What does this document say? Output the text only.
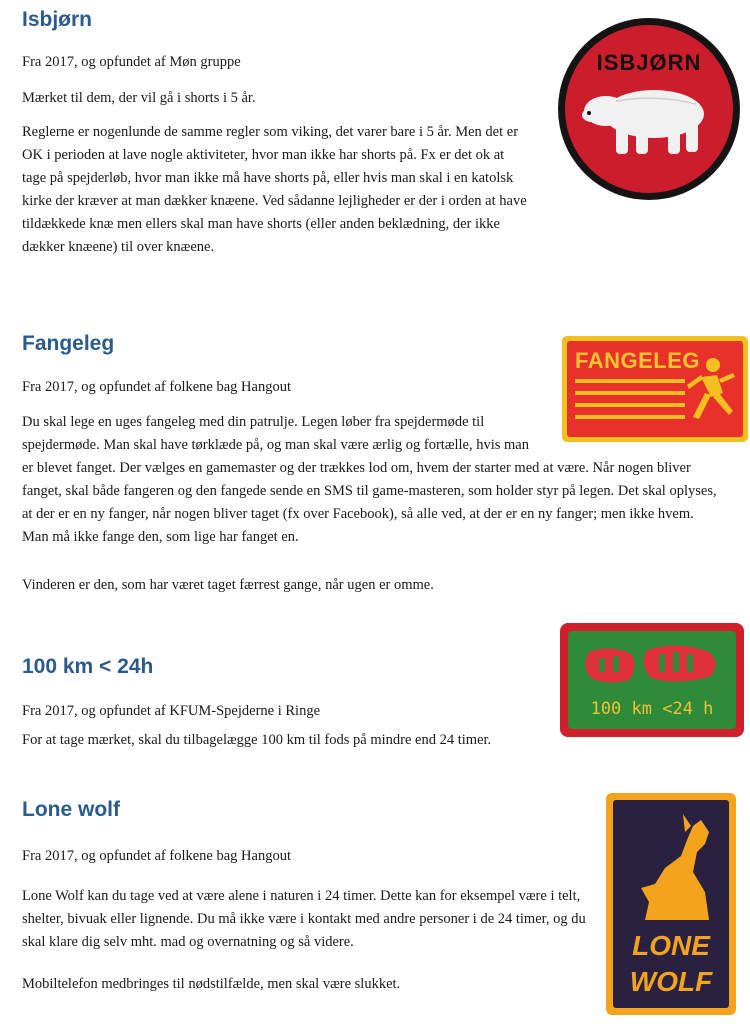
Isbjørn

Fra 2017, og opfundet af Møn gruppe

Mærket til dem, der vil gå i shorts i 5 år.

Reglerne er nogenlunde de samme regler som viking, det varer bare i 5 år. Men det er OK i perioden at lave nogle aktiviteter, hvor man ikke har shorts på. Fx er det ok at tage på spejderløb, hvor man ikke må have shorts på, eller hvis man skal i en katolsk kirke der kræver at man dækker knæene. Ved sådanne lejligheder er der i orden at have tildækkede knæ men ellers skal man have shorts (eller anden beklædning, der ikke dækker knæene) til over knæene.

ISBJØRN
Fangeleg

Fra 2017, og opfundet af folkene bag Hangout

Du skal lege en uges fangeleg med din patrulje. Legen løber fra spejdermøde til spejdermøde. Man skal have tørklæde på, og man skal være ærlig og fortælle, hvis man er blevet fanget. Der vælges en gamemaster og der trækkes lod om, hvem der starter med at være. Når nogen bliver fanget, skal både fangeren og den fangede sende en SMS til game-masteren, som holder styr på legen. Det skal oplyses, at der er en ny fanger, når nogen bliver taget (fx over Facebook), så alle ved, at der er en ny fanger; men ikke hvem. Man må ikke fange den, som lige har fanget en.

Vinderen er den, som har været taget færrest gange, når ugen er omme.

FANGELEG
100 km < 24h

Fra 2017, og opfundet af KFUM-Spejderne i Ringe

For at tage mærket, skal du tilbagelægge 100 km til fods på mindre end 24 timer.

100 km <24 h
Lone wolf

Fra 2017, og opfundet af folkene bag Hangout

Lone Wolf kan du tage ved at være alene i naturen i 24 timer. Dette kan for eksempel være i telt, shelter, bivuak eller lignende. Du må ikke være i kontakt med andre personer i de 24 timer, og du skal klare dig selv mht. mad og overnatning og så videre.

Mobiltelefon medbringes til nødstilfælde, men skal være slukket.

LONE
WOLF
